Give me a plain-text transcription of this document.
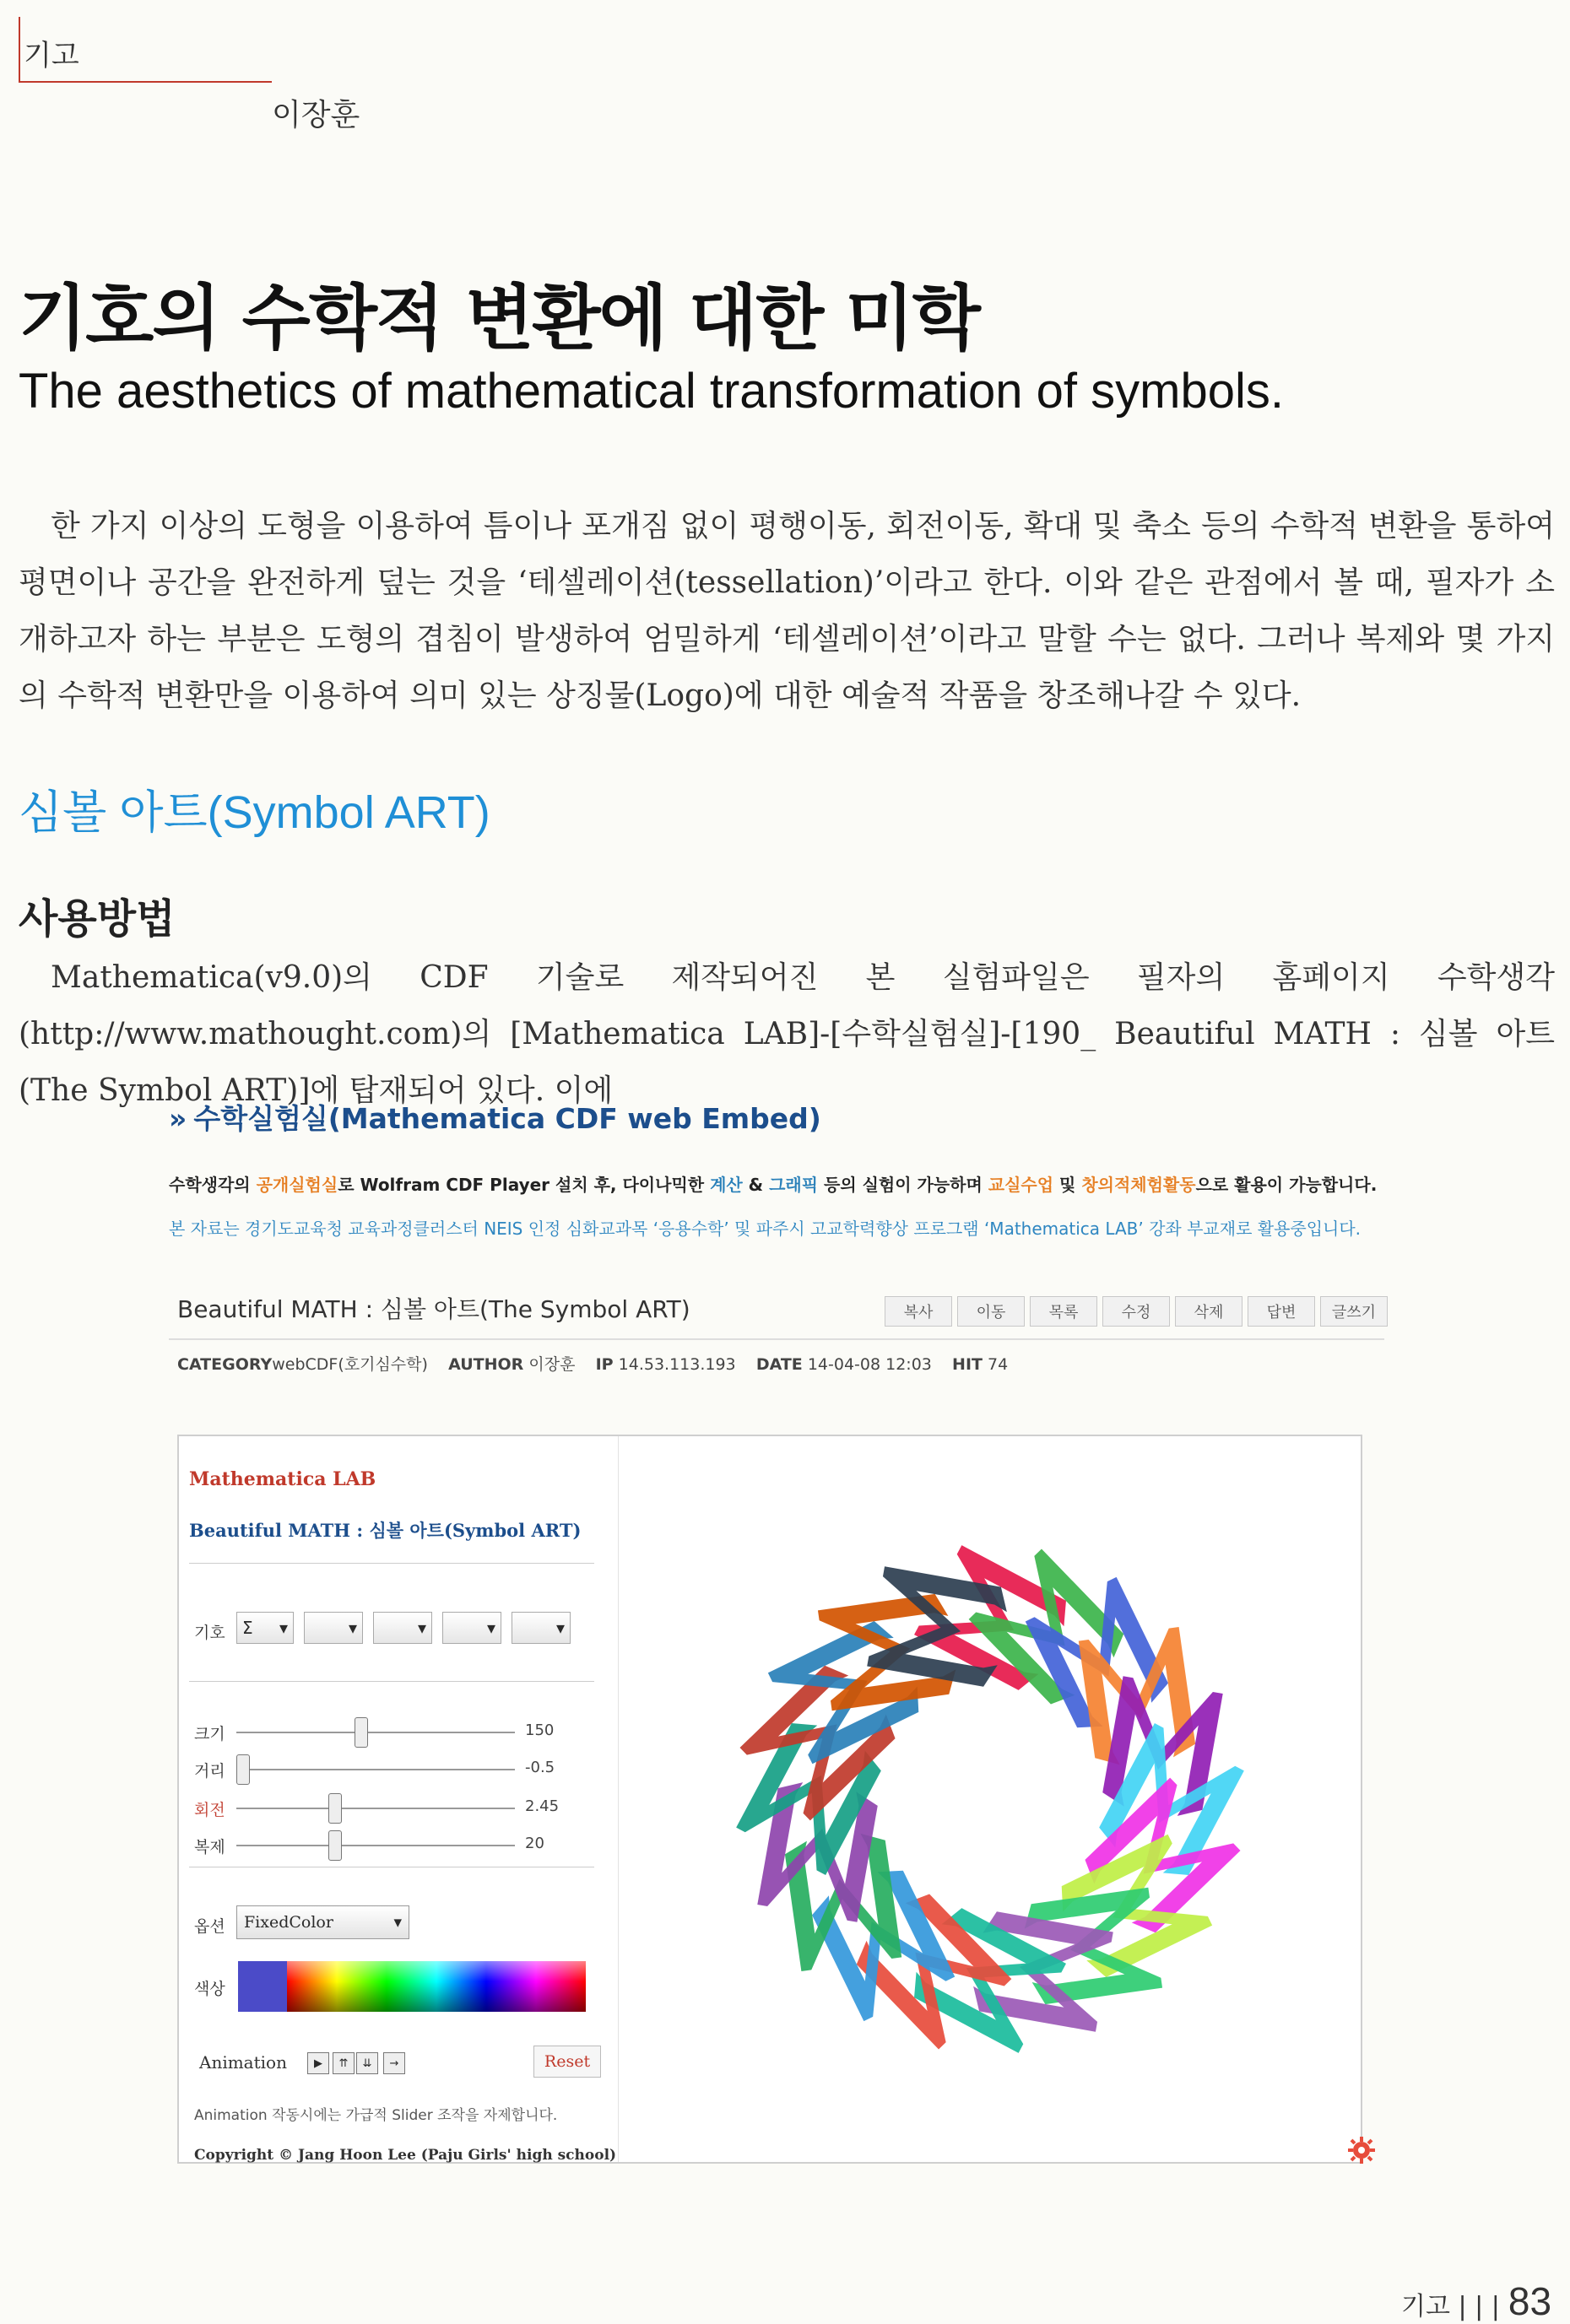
기고
이장훈
기호의 수학적 변환에 대한 미학
The aesthetics of mathematical transformation of symbols.
한 가지 이상의 도형을 이용하여 틈이나 포개짐 없이 평행이동, 회전이동, 확대 및 축소 등의 수학적 변환을 통하여 평면이나 공간을 완전하게 덮는 것을 ‘테셀레이션(tessellation)’이라고 한다. 이와 같은 관점에서 볼 때, 필자가 소개하고자 하는 부분은 도형의 겹침이 발생하여 엄밀하게 ‘테셀레이션’이라고 말할 수는 없다. 그러나 복제와 몇 가지의 수학적 변환만을 이용하여 의미 있는 상징물(Logo)에 대한 예술적 작품을 창조해나갈 수 있다.
심볼 아트(Symbol ART)
사용방법
Mathematica(v9.0)의 CDF 기술로 제작되어진 본 실험파일은 필자의 홈페이지 수학생각(http://www.mathought.com)의 [Mathematica LAB]-[수학실험실]-[190_ Beautiful MATH : 심볼 아트(The Symbol ART)]에 탑재되어 있다. 이에
» 수학실험실(Mathematica CDF web Embed)
수학생각의 공개실험실로 Wolfram CDF Player 설치 후, 다이나믹한 계산 & 그래픽 등의 실험이 가능하며 교실수업 및 창의적체험활동으로 활용이 가능합니다.
본 자료는 경기도교육청 교육과정클러스터 NEIS 인정 심화교과목 ‘응용수학’ 및 파주시 고교학력향상 프로그램 ‘Mathematica LAB’ 강좌 부교재로 활용중입니다.
Beautiful MATH : 심볼 아트(The Symbol ART)	복사	이동	목록	수정	삭제	답변	글쓰기
CATEGORYwebCDF(호기심수학) AUTHOR 이장훈 IP 14.53.113.193 DATE 14-04-08 12:03 HIT 74
Mathematica LAB
Beautiful MATH : 심볼 아트(Symbol ART)
기호 Σ ▾	▾	▾	▾	▾
크기	150
거리	-0.5
회전	2.45
복제	20
옵션 FixedColor	▾
색상
Animation	▶	⇈	⇊	→	Reset
Animation 작동시에는 가급적 Slider 조작을 자제합니다.
Copyright © Jang Hoon Lee (Paju Girls' high school)
기고 | | | 83
